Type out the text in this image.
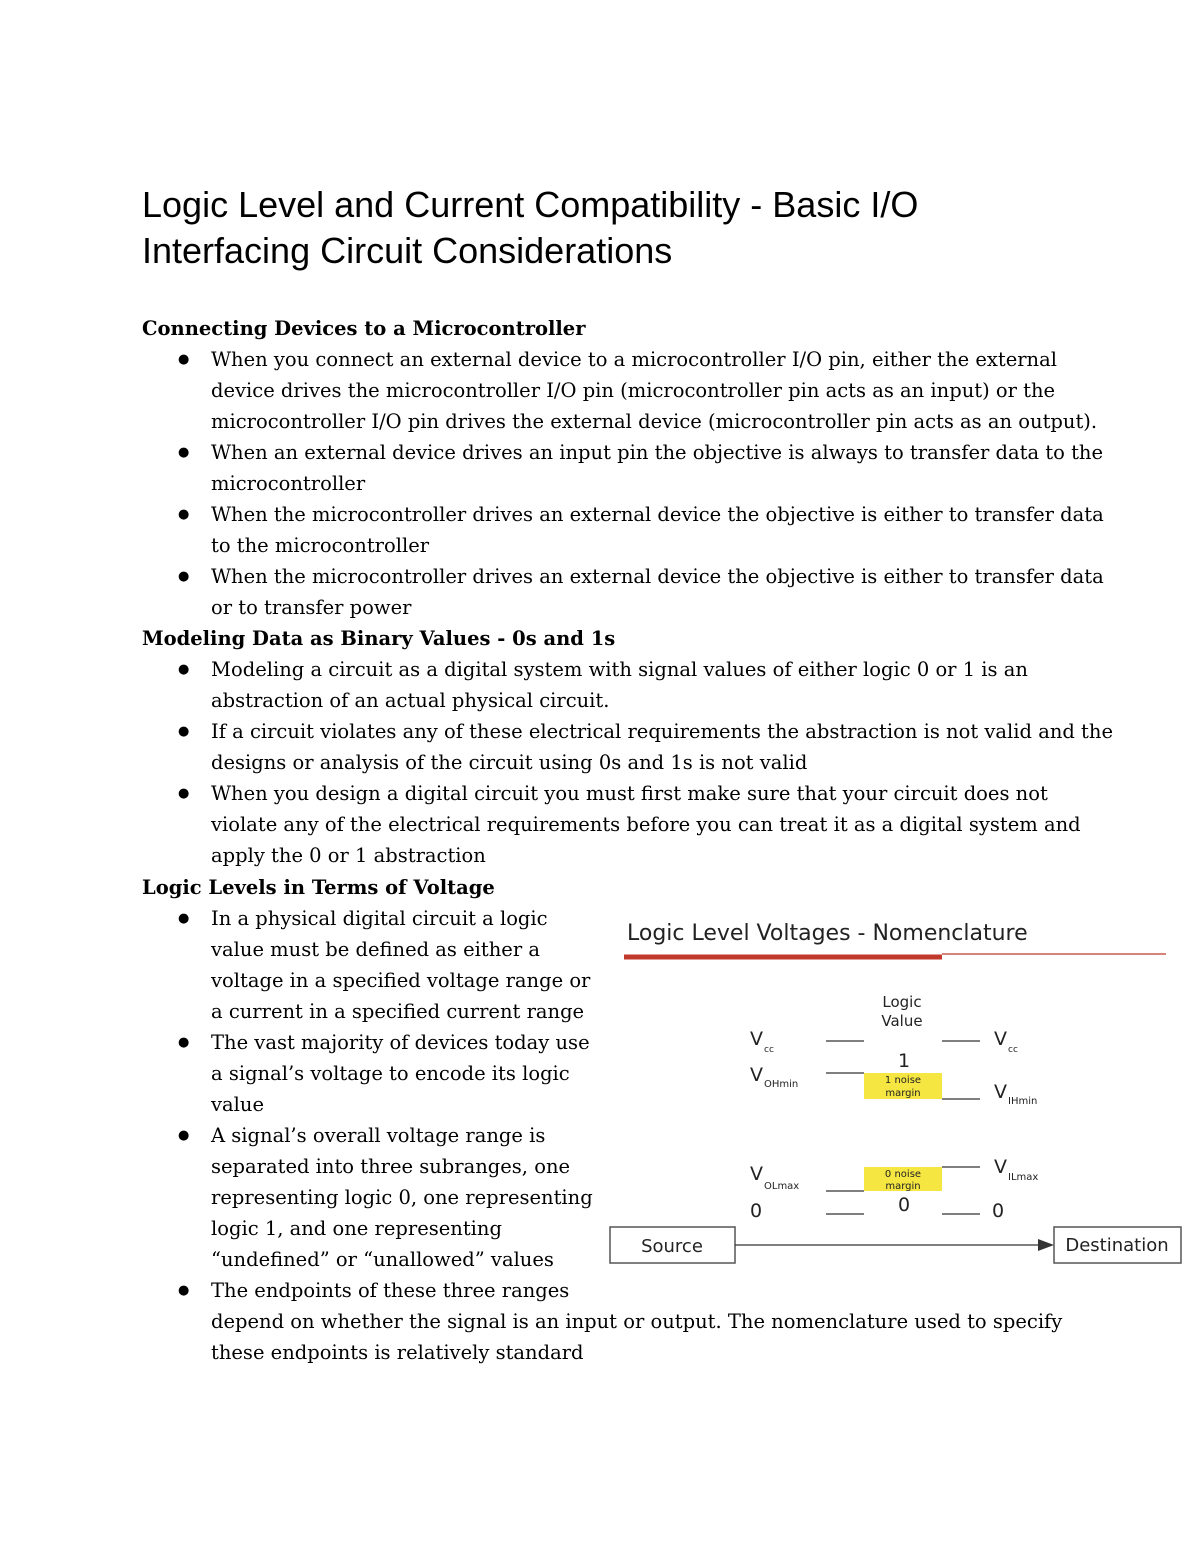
Logic Level and Current Compatibility - Basic I/O
Interfacing Circuit Considerations
Connecting Devices to a Microcontroller
● When you connect an external device to a microcontroller I/O pin, either the external
device drives the microcontroller I/O pin (microcontroller pin acts as an input) or the
microcontroller I/O pin drives the external device (microcontroller pin acts as an output).
● When an external device drives an input pin the objective is always to transfer data to the
microcontroller
● When the microcontroller drives an external device the objective is either to transfer data
to the microcontroller
● When the microcontroller drives an external device the objective is either to transfer data
or to transfer power
Modeling Data as Binary Values - 0s and 1s
● Modeling a circuit as a digital system with signal values of either logic 0 or 1 is an
abstraction of an actual physical circuit.
● If a circuit violates any of these electrical requirements the abstraction is not valid and the
designs or analysis of the circuit using 0s and 1s is not valid
● When you design a digital circuit you must first make sure that your circuit does not
violate any of the electrical requirements before you can treat it as a digital system and
apply the 0 or 1 abstraction
Logic Levels in Terms of Voltage
● In a physical digital circuit a logic
value must be defined as either a
voltage in a specified voltage range or
a current in a specified current range
● The vast majority of devices today use
a signal’s voltage to encode its logic
value
● A signal’s overall voltage range is
separated into three subranges, one
representing logic 0, one representing
logic 1, and one representing
“undefined” or “unallowed” values
● The endpoints of these three ranges
depend on whether the signal is an input or output. The nomenclature used to specify
these endpoints is relatively standard
Logic Level Voltages - Nomenclature
Logic
Value
V cc
V OHmin
V
OLmax
0
V cc
V IHmin
V ILmax
0
1
0
1 noise
margin
0 noise
margin
Source	Destination
